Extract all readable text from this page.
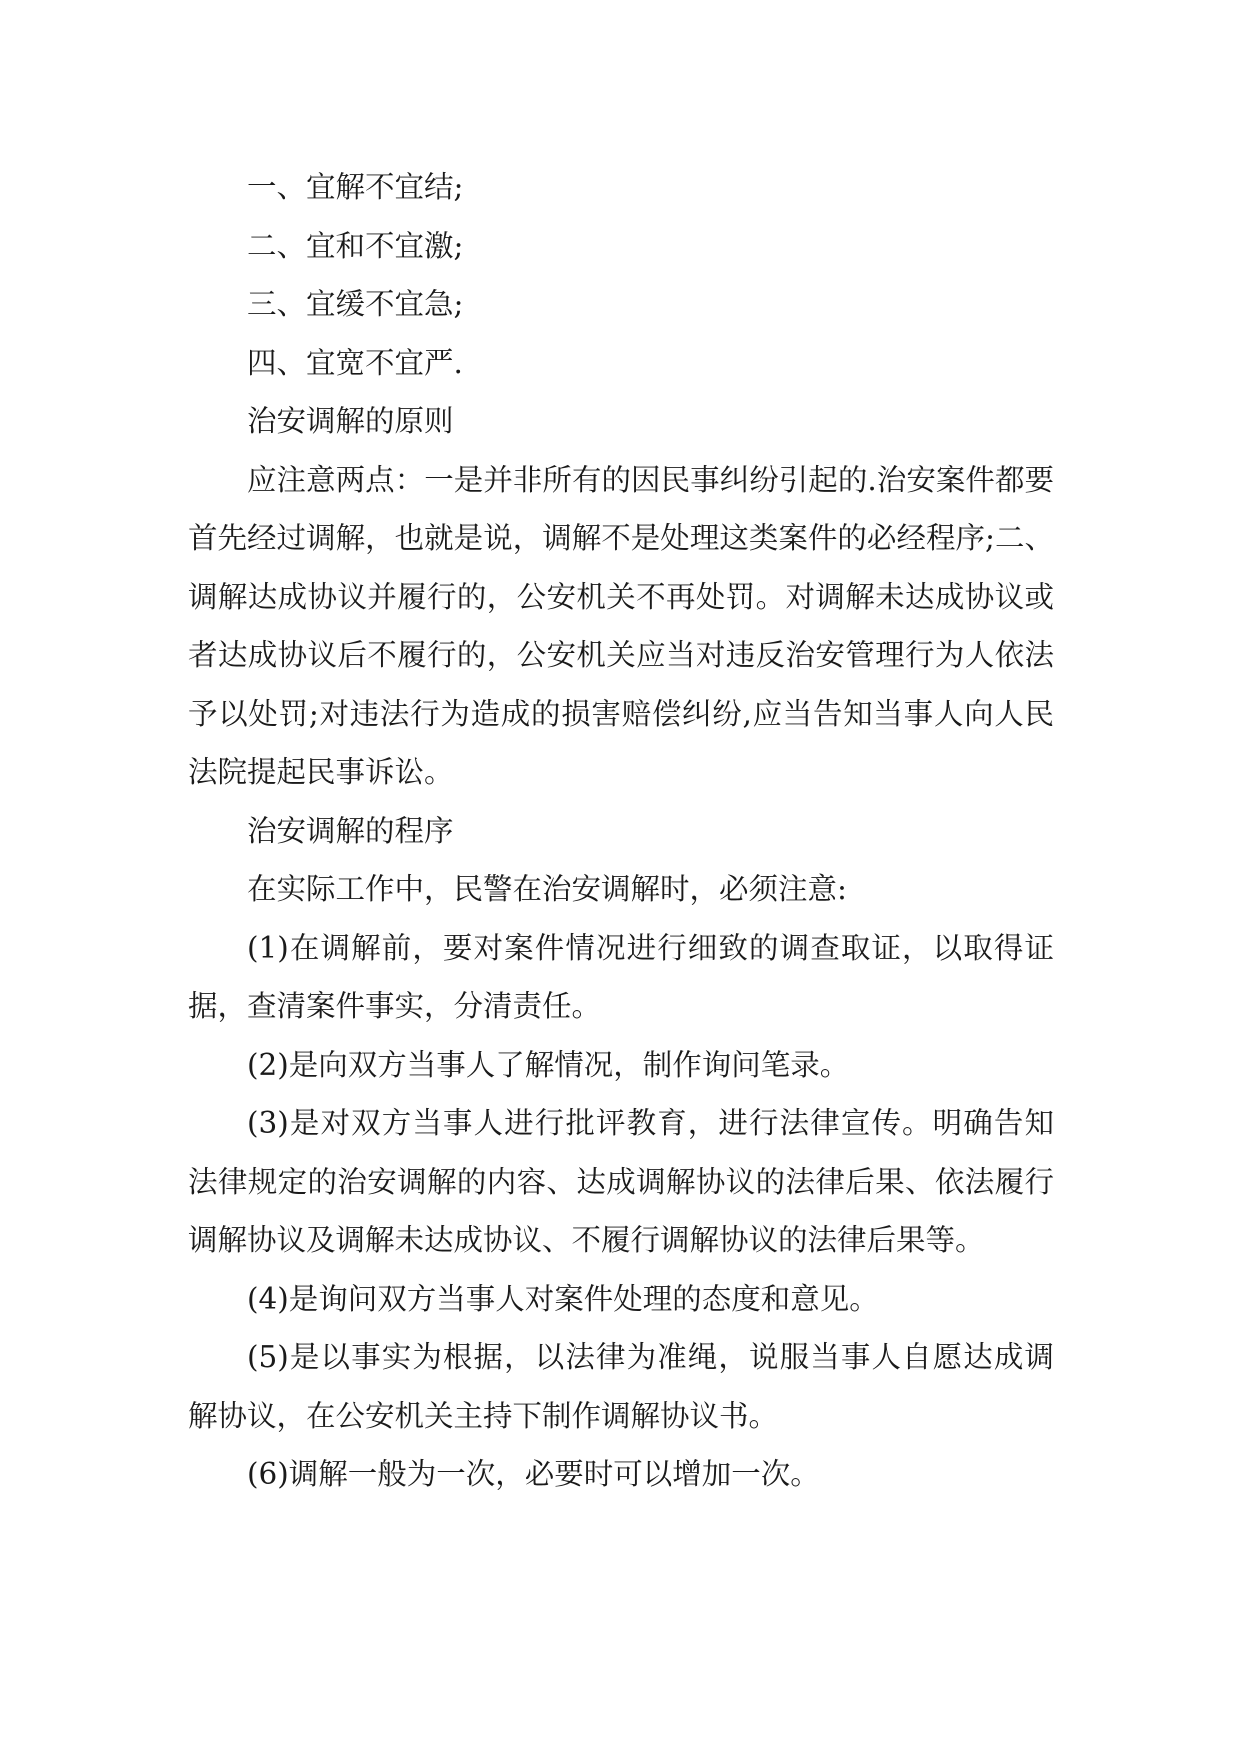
一、宜解不宜结;

二、宜和不宜激;

三、宜缓不宜急;

四、宜宽不宜严.

治安调解的原则

应注意两点：一是并非所有的因民事纠纷引起的.治安案件都要首先经过调解，也就是说，调解不是处理这类案件的必经程序;二、调解达成协议并履行的，公安机关不再处罚。对调解未达成协议或者达成协议后不履行的，公安机关应当对违反治安管理行为人依法予以处罚;对违法行为造成的损害赔偿纠纷,应当告知当事人向人民法院提起民事诉讼。

治安调解的程序

在实际工作中，民警在治安调解时，必须注意:

(1)在调解前，要对案件情况进行细致的调查取证，以取得证据，查清案件事实，分清责任。

(2)是向双方当事人了解情况，制作询问笔录。

(3)是对双方当事人进行批评教育，进行法律宣传。明确告知法律规定的治安调解的内容、达成调解协议的法律后果、依法履行调解协议及调解未达成协议、不履行调解协议的法律后果等。

(4)是询问双方当事人对案件处理的态度和意见。

(5)是以事实为根据，以法律为准绳，说服当事人自愿达成调解协议，在公安机关主持下制作调解协议书。

(6)调解一般为一次，必要时可以增加一次。
